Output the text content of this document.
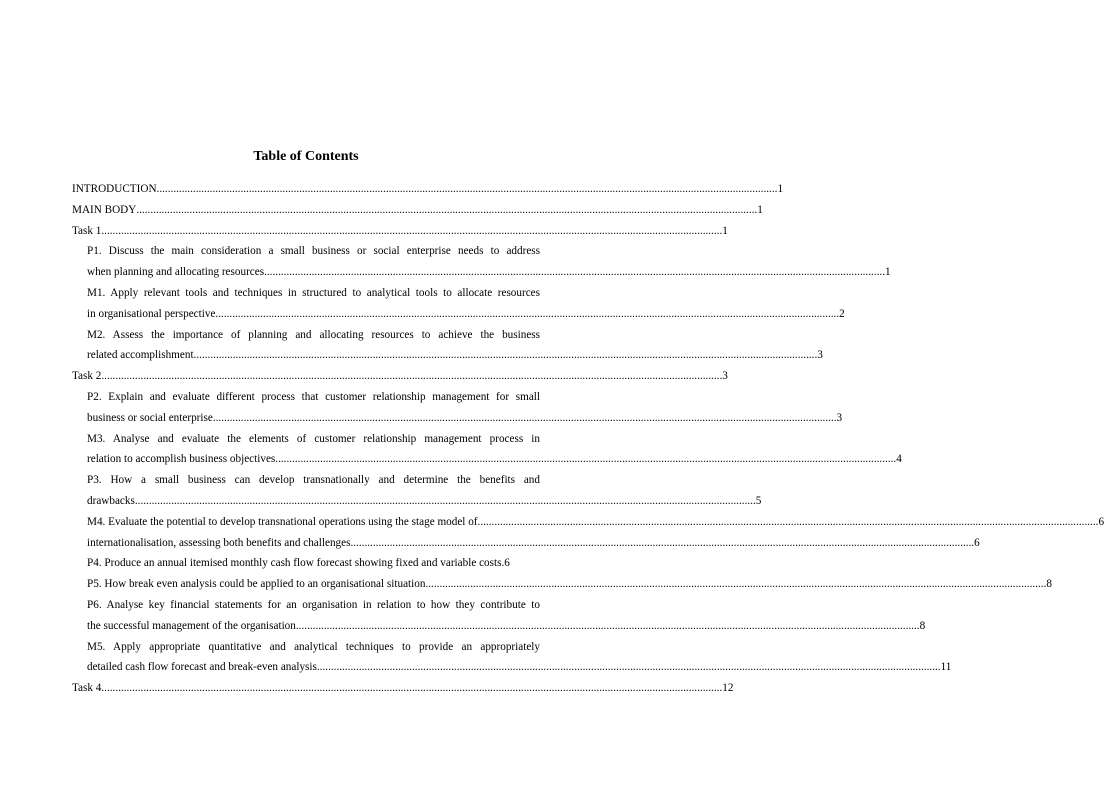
Table of Contents
INTRODUCTION .....	1
MAIN BODY .....	1
Task 1 .....	1
P1. Discuss the main consideration a small business or social enterprise needs to address
when planning and allocating resources .....	1
M1. Apply relevant tools and techniques in structured to analytical tools to allocate resources
in organisational perspective. .....	2
M2. Assess the importance of planning and allocating resources to achieve the business
related accomplishment. .....	3
Task 2 .....	3
P2. Explain and evaluate different process that customer relationship management for small
business or social enterprise. .....	3
M3. Analyse and evaluate the elements of customer relationship management process in
relation to accomplish business objectives .....	4
P3. How a small business can develop transnationally and determine the benefits and
drawbacks .....	5
M4. Evaluate the potential to develop transnational operations using the stage model of .....	6
internationalisation, assessing both benefits and challenges. .....	6
P4. Produce an annual itemised monthly cash flow forecast showing fixed and variable costs. 6
P5. How break even analysis could be applied to an organisational situation .....	8
P6. Analyse key financial statements for an organisation in relation to how they contribute to
the successful management of the organisation. .....	8
M5. Apply appropriate quantitative and analytical techniques to provide an appropriately
detailed cash flow forecast and break-even analysis. .....	11
Task 4 .....	12
